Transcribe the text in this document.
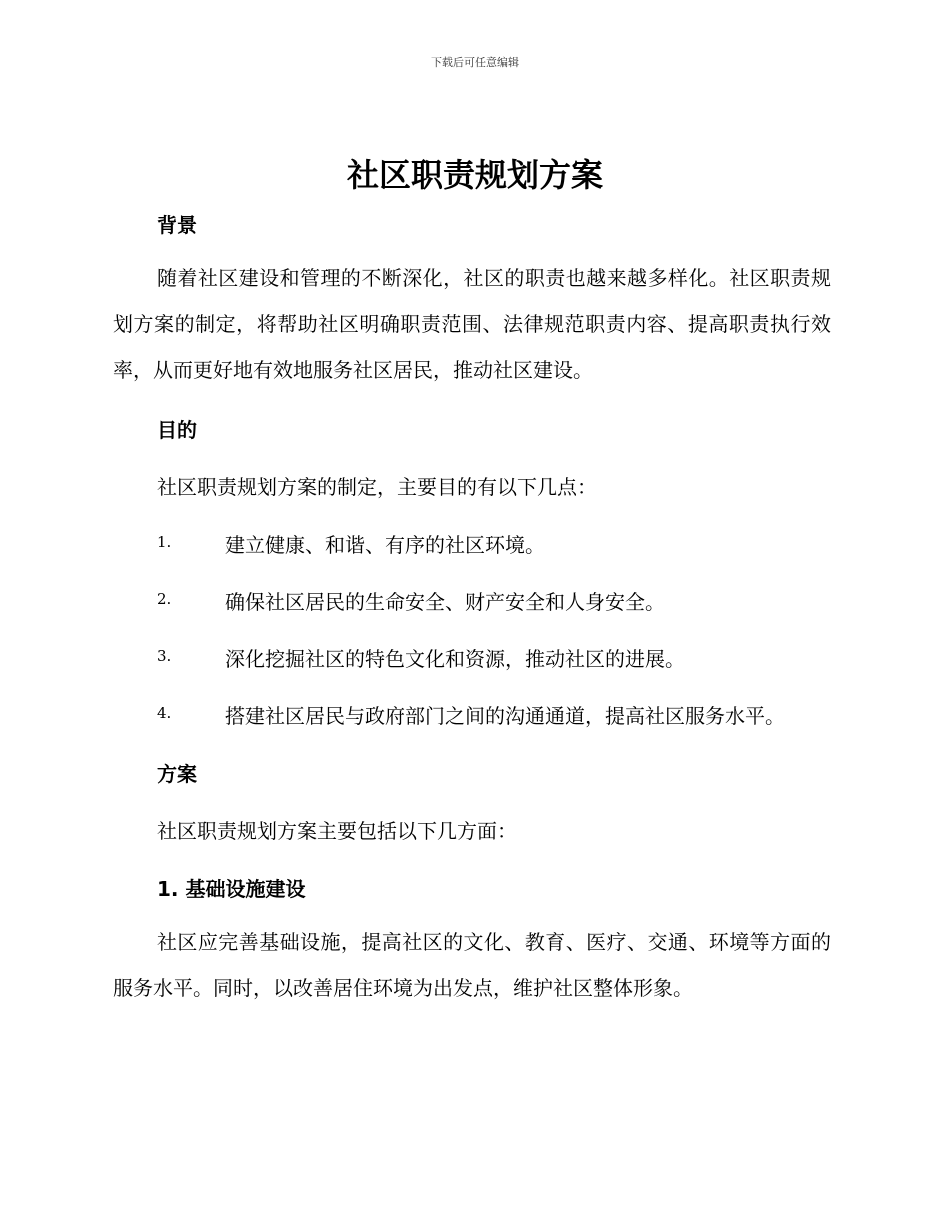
下载后可任意编辑
社区职责规划方案
背景

随着社区建设和管理的不断深化，社区的职责也越来越多样化。社区职责规划方案的制定，将帮助社区明确职责范围、法律规范职责内容、提高职责执行效率，从而更好地有效地服务社区居民，推动社区建设。

目的

社区职责规划方案的制定，主要目的有以下几点：

1.	建立健康、和谐、有序的社区环境。
2.	确保社区居民的生命安全、财产安全和人身安全。
3.	深化挖掘社区的特色文化和资源，推动社区的进展。
4.	搭建社区居民与政府部门之间的沟通通道，提高社区服务水平。
方案

社区职责规划方案主要包括以下几方面：

1. 基础设施建设

社区应完善基础设施，提高社区的文化、教育、医疗、交通、环境等方面的服务水平。同时，以改善居住环境为出发点，维护社区整体形象。
